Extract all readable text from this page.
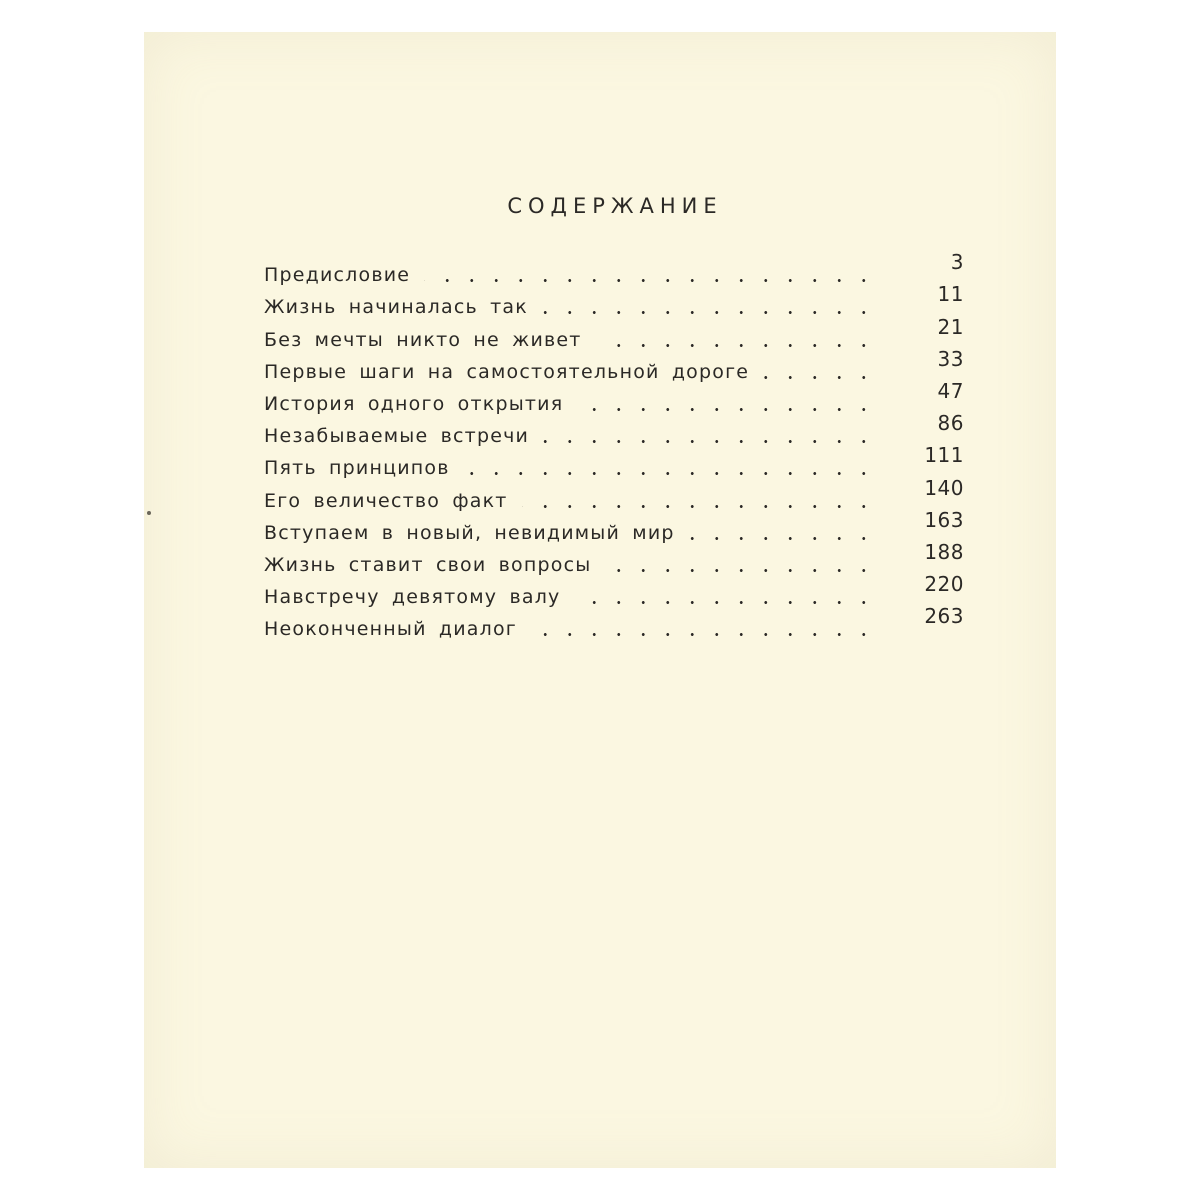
СОДЕРЖАНИЕ
Предисловие
3
Жизнь начиналась так
11
Без мечты никто не живет
21
Первые шаги на самостоятельной дороге
33
История одного открытия
47
Незабываемые встречи
86
Пять принципов
111
Его величество факт
140
Вступаем в новый, невидимый мир
163
Жизнь ставит свои вопросы
188
Навстречу девятому валу
220
Неоконченный диалог
263
